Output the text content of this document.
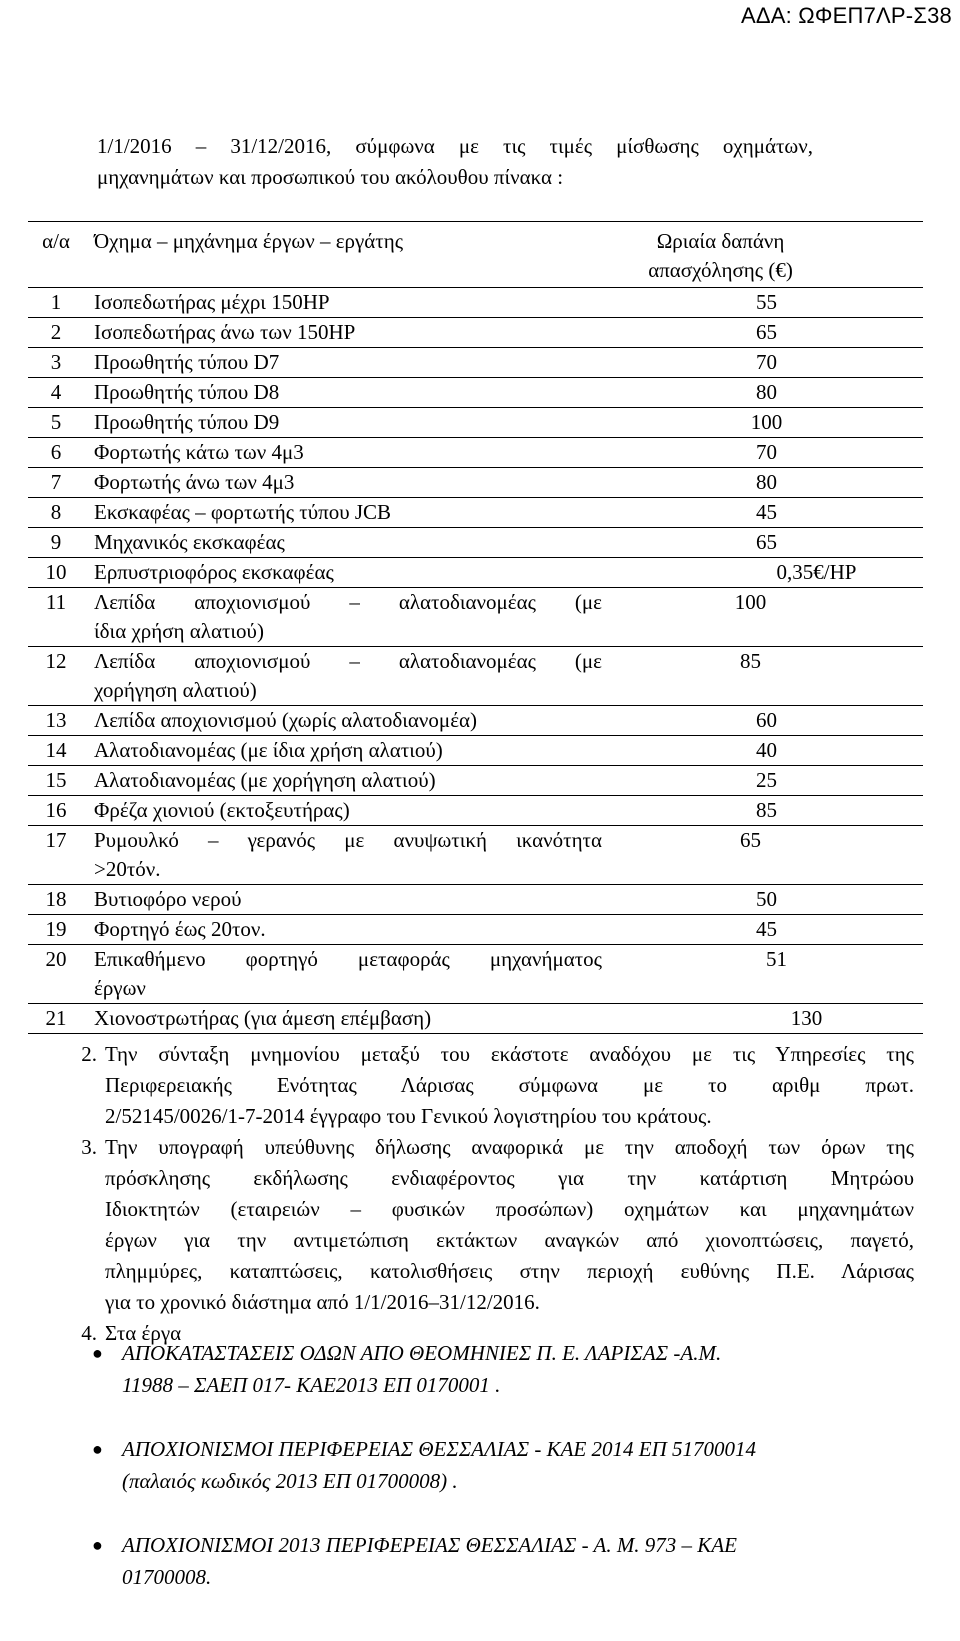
ΑΔΑ: ΩΦΕΠ7ΛΡ-Σ38

1/1/2016 – 31/12/2016, σύμφωνα με τις τιμές μίσθωσης οχημάτων,

μηχανημάτων και προσωπικού του ακόλουθου πίνακα :

α/α	Όχημα – μηχάνημα έργων – εργάτης	Ωριαία δαπάνη
απασχόλησης (€)

1	Ισοπεδωτήρας μέχρι 150HP	55
2	Ισοπεδωτήρας άνω των 150HP	65
3	Προωθητής τύπου D7	70
4	Προωθητής τύπου D8	80
5	Προωθητής τύπου D9	100
6	Φορτωτής κάτω των 4μ3	70
7	Φορτωτής άνω των 4μ3	80
8	Εκσκαφέας – φορτωτής τύπου JCB	45
9	Μηχανικός εκσκαφέας	65
10	Ερπυστριοφόρος εκσκαφέας	0,35€/HP
11	Λεπίδα αποχιονισμού – αλατοδιανομέας (με
ίδια χρήση αλατιού)	100
12	Λεπίδα αποχιονισμού – αλατοδιανομέας (με
χορήγηση αλατιού)	85
13	Λεπίδα αποχιονισμού (χωρίς αλατοδιανομέα)	60
14	Αλατοδιανομέας (με ίδια χρήση αλατιού)	40
15	Αλατοδιανομέας (με χορήγηση αλατιού)	25
16	Φρέζα χιονιού (εκτοξευτήρας)	85
17	Ρυμουλκό – γερανός με ανυψωτική ικανότητα
>20τόν.	65
18	Βυτιοφόρο νερού	50
19	Φορτηγό έως 20τον.	45
20	Επικαθήμενο φορτηγό μεταφοράς μηχανήματος
έργων	51
21	Χιονοστρωτήρας (για άμεση επέμβαση)	130
2. Την σύνταξη μνημονίου μεταξύ του εκάστοτε αναδόχου με τις Υπηρεσίες της
Περιφερειακής Ενότητας Λάρισας σύμφωνα με το αριθμ πρωτ.
2/52145/0026/1-7-2014 έγγραφο του Γενικού λογιστηρίου του κράτους.
3. Την υπογραφή υπεύθυνης δήλωσης αναφορικά με την αποδοχή των όρων της
πρόσκλησης εκδήλωσης ενδιαφέροντος για την κατάρτιση Μητρώου
Ιδιοκτητών (εταιρειών – φυσικών προσώπων) οχημάτων και μηχανημάτων
έργων για την αντιμετώπιση εκτάκτων αναγκών από χιονοπτώσεις, παγετό,
πλημμύρες, καταπτώσεις, κατολισθήσεις στην περιοχή ευθύνης Π.Ε. Λάρισας
για το χρονικό διάστημα από 1/1/2016–31/12/2016.
4. Στα έργα
● ΑΠΟΚΑΤΑΣΤΑΣΕΙΣ ΟΔΩΝ ΑΠΟ ΘΕΟΜΗΝΙΕΣ Π. Ε. ΛΑΡΙΣΑΣ -Α.Μ.
11988 – ΣΑΕΠ 017- ΚΑΕ2013 ΕΠ 0170001 .
● ΑΠΟΧΙΟΝΙΣΜΟΙ ΠΕΡΙΦΕΡΕΙΑΣ ΘΕΣΣΑΛΙΑΣ - ΚΑΕ 2014 ΕΠ 51700014
(παλαιός κωδικός 2013 ΕΠ 01700008) .
● ΑΠΟΧΙΟΝΙΣΜΟΙ 2013 ΠΕΡΙΦΕΡΕΙΑΣ ΘΕΣΣΑΛΙΑΣ - Α. Μ. 973 – ΚΑΕ
01700008.
